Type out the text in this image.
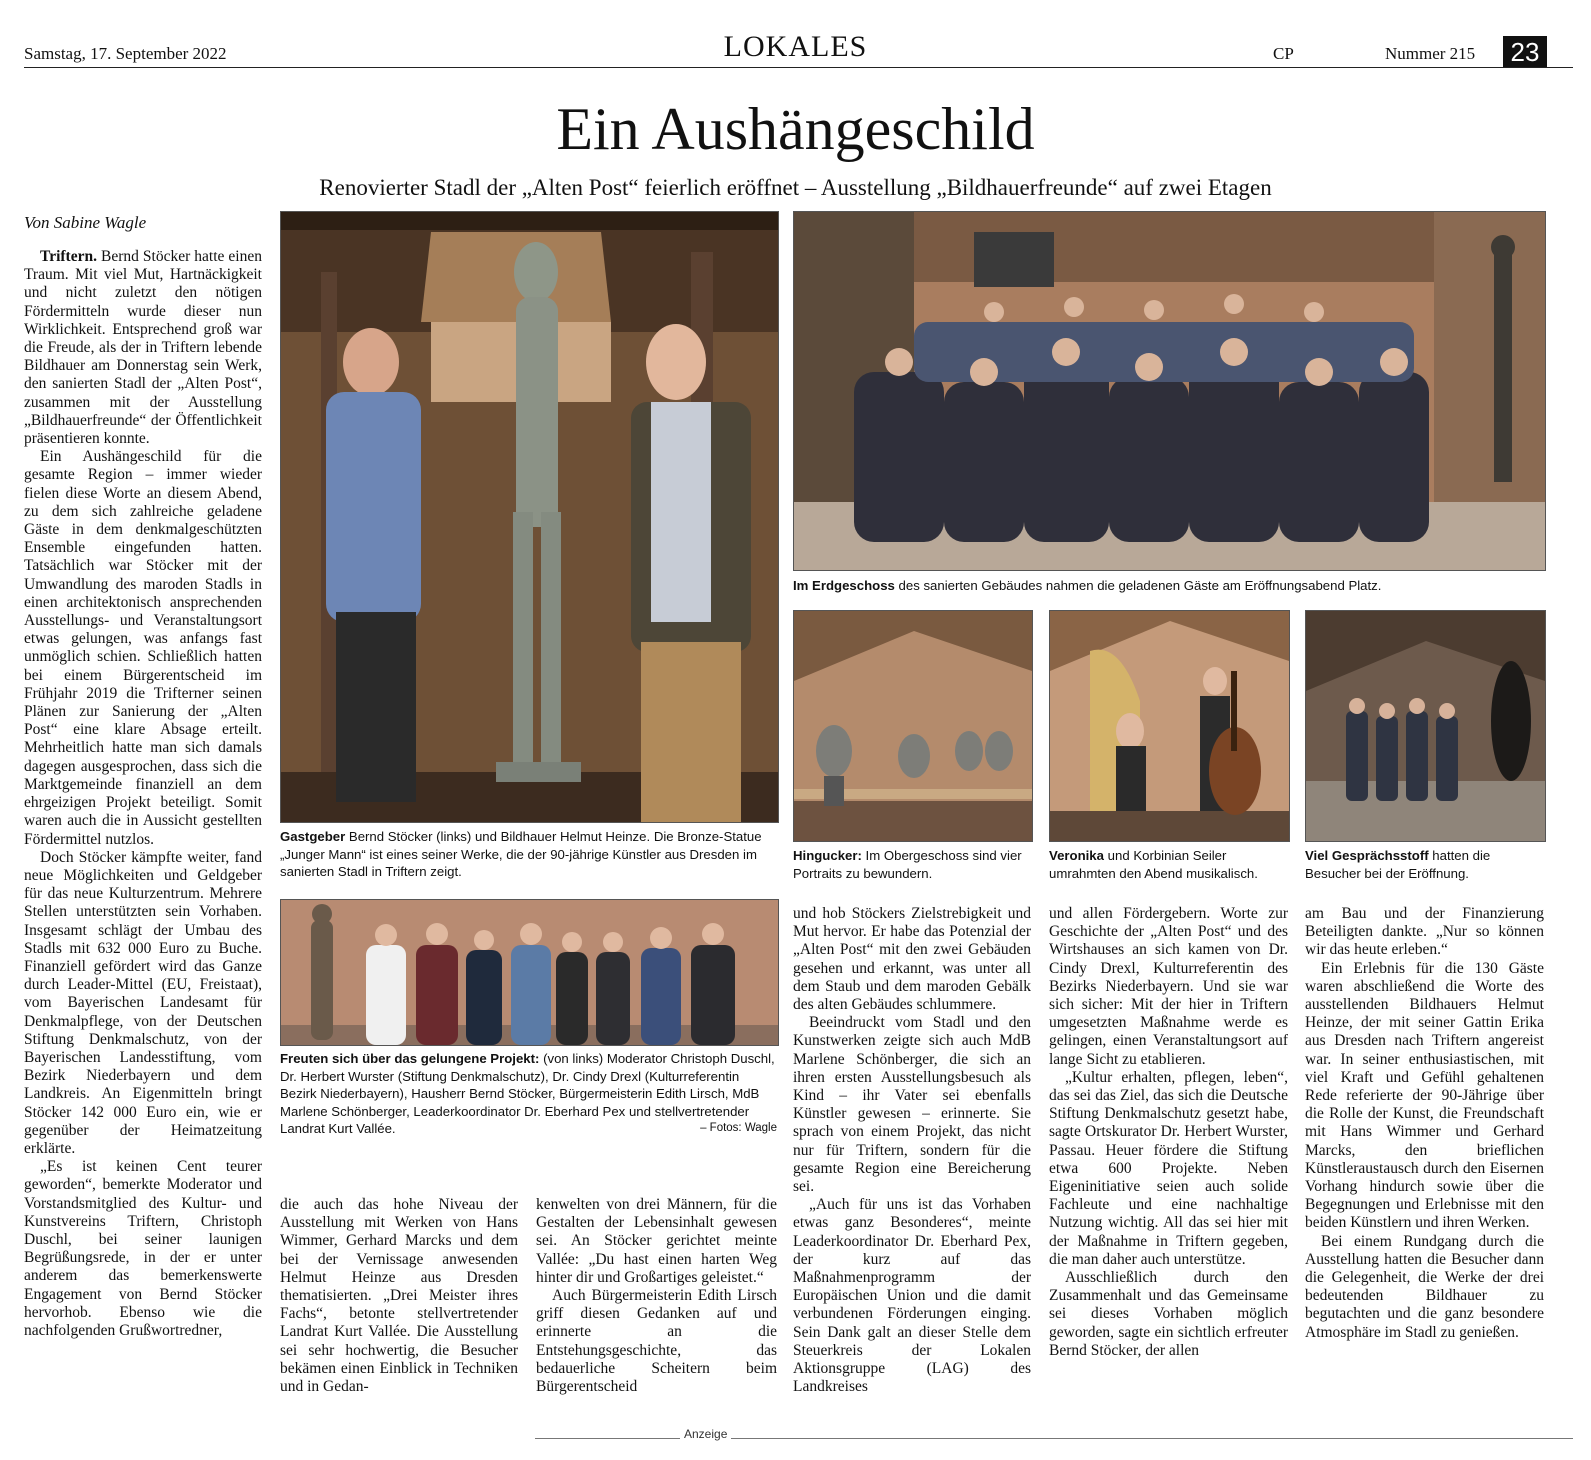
Samstag, 17. September 2022	LOKALES	CP	Nummer 215 23
Ein Aushängeschild
Renovierter Stadl der „Alten Post“ feierlich eröffnet – Ausstellung „Bildhauerfreunde“ auf zwei Etagen
Von Sabine Wagle

Triftern. Bernd Stöcker hatte einen Traum. Mit viel Mut, Hartnäckigkeit und nicht zuletzt den nötigen Fördermitteln wurde dieser nun Wirklichkeit. Entsprechend groß war die Freude, als der in Triftern lebende Bildhauer am Donnerstag sein Werk, den sanierten Stadl der „Alten Post“, zusammen mit der Ausstellung „Bildhauerfreunde“ der Öffentlichkeit präsentieren konnte.

Ein Aushängeschild für die gesamte Region – immer wieder fielen diese Worte an diesem Abend, zu dem sich zahlreiche geladene Gäste in dem denkmalgeschützten Ensemble eingefunden hatten. Tatsächlich war Stöcker mit der Umwandlung des maroden Stadls in einen architektonisch ansprechenden Ausstellungs- und Veranstaltungsort etwas gelungen, was anfangs fast unmöglich schien. Schließlich hatten bei einem Bürgerentscheid im Frühjahr 2019 die Trifterner seinen Plänen zur Sanierung der „Alten Post“ eine klare Absage erteilt. Mehrheitlich hatte man sich damals dagegen ausgesprochen, dass sich die Marktgemeinde finanziell an dem ehrgeizigen Projekt beteiligt. Somit waren auch die in Aussicht gestellten Fördermittel nutzlos.

Doch Stöcker kämpfte weiter, fand neue Möglichkeiten und Geldgeber für das neue Kulturzentrum. Mehrere Stellen unterstützten sein Vorhaben. Insgesamt schlägt der Umbau des Stadls mit 632 000 Euro zu Buche. Finanziell gefördert wird das Ganze durch Leader-Mittel (EU, Freistaat), vom Bayerischen Landesamt für Denkmalpflege, von der Deutschen Stiftung Denkmalschutz, von der Bayerischen Landesstiftung, vom Bezirk Niederbayern und dem Landkreis. An Eigenmitteln bringt Stöcker 142 000 Euro ein, wie er gegenüber der Heimatzeitung erklärte.

„Es ist keinen Cent teurer geworden“, bemerkte Moderator und Vorstandsmitglied des Kultur- und Kunstvereins Triftern, Christoph Duschl, bei seiner launigen Begrüßungsrede, in der er unter anderem das bemerkenswerte Engagement von Bernd Stöcker hervorhob. Ebenso wie die nachfolgenden Grußwortredner,

Gastgeber Bernd Stöcker (links) und Bildhauer Helmut Heinze. Die Bronze-Statue „Junger Mann“ ist eines seiner Werke, die der 90-jährige Künstler aus Dresden im sanierten Stadl in Triftern zeigt.
Im Erdgeschoss des sanierten Gebäudes nahmen die geladenen Gäste am Eröffnungsabend Platz.
Hingucker: Im Obergeschoss sind vier Portraits zu bewundern.
Veronika und Korbinian Seiler umrahmten den Abend musikalisch.
Viel Gesprächsstoff hatten die Besucher bei der Eröffnung.
Freuten sich über das gelungene Projekt: (von links) Moderator Christoph Duschl, Dr. Herbert Wurster (Stiftung Denkmalschutz), Dr. Cindy Drexl (Kulturreferentin Bezirk Niederbayern), Hausherr Bernd Stöcker, Bürgermeisterin Edith Lirsch, MdB Marlene Schönberger, Leaderkoordinator Dr. Eberhard Pex und stellvertretender Landrat Kurt Vallée.	– Fotos: Wagle

die auch das hohe Niveau der Ausstellung mit Werken von Hans Wimmer, Gerhard Marcks und dem bei der Vernissage anwesenden Helmut Heinze aus Dresden thematisierten. „Drei Meister ihres Fachs“, betonte stellvertretender Landrat Kurt Vallée. Die Ausstellung sei sehr hochwertig, die Besucher bekämen einen Einblick in Techniken und in Gedan-

kenwelten von drei Männern, für die Gestalten der Lebensinhalt gewesen sei. An Stöcker gerichtet meinte Vallée: „Du hast einen harten Weg hinter dir und Großartiges geleistet.“

Auch Bürgermeisterin Edith Lirsch griff diesen Gedanken auf und erinnerte an die Entstehungsgeschichte, das bedauerliche Scheitern beim Bürgerentscheid

und hob Stöckers Zielstrebigkeit und Mut hervor. Er habe das Potenzial der „Alten Post“ mit den zwei Gebäuden gesehen und erkannt, was unter all dem Staub und dem maroden Gebälk des alten Gebäudes schlummere.

Beeindruckt vom Stadl und den Kunstwerken zeigte sich auch MdB Marlene Schönberger, die sich an ihren ersten Ausstellungsbesuch als Kind – ihr Vater sei ebenfalls Künstler gewesen – erinnerte. Sie sprach von einem Projekt, das nicht nur für Triftern, sondern für die gesamte Region eine Bereicherung sei.

„Auch für uns ist das Vorhaben etwas ganz Besonderes“, meinte Leaderkoordinator Dr. Eberhard Pex, der kurz auf das Maßnahmenprogramm der Europäischen Union und die damit verbundenen Förderungen einging. Sein Dank galt an dieser Stelle dem Steuerkreis der Lokalen Aktionsgruppe (LAG) des Landkreises

und allen Fördergebern. Worte zur Geschichte der „Alten Post“ und des Wirtshauses an sich kamen von Dr. Cindy Drexl, Kulturreferentin des Bezirks Niederbayern. Und sie war sich sicher: Mit der hier in Triftern umgesetzten Maßnahme werde es gelingen, einen Veranstaltungsort auf lange Sicht zu etablieren.

„Kultur erhalten, pflegen, leben“, das sei das Ziel, das sich die Deutsche Stiftung Denkmalschutz gesetzt habe, sagte Ortskurator Dr. Herbert Wurster, Passau. Heuer fördere die Stiftung etwa 600 Projekte. Neben Eigeninitiative seien auch solide Fachleute und eine nachhaltige Nutzung wichtig. All das sei hier mit der Maßnahme in Triftern gegeben, die man daher auch unterstütze.

Ausschließlich durch den Zusammenhalt und das Gemeinsame sei dieses Vorhaben möglich geworden, sagte ein sichtlich erfreuter Bernd Stöcker, der allen

am Bau und der Finanzierung Beteiligten dankte. „Nur so können wir das heute erleben.“

Ein Erlebnis für die 130 Gäste waren abschließend die Worte des ausstellenden Bildhauers Helmut Heinze, der mit seiner Gattin Erika aus Dresden nach Triftern angereist war. In seiner enthusiastischen, mit viel Kraft und Gefühl gehaltenen Rede referierte der 90-Jährige über die Rolle der Kunst, die Freundschaft mit Hans Wimmer und Gerhard Marcks, den brieflichen Künstleraustausch durch den Eisernen Vorhang hindurch sowie über die Begegnungen und Erlebnisse mit den beiden Künstlern und ihren Werken.

Bei einem Rundgang durch die Ausstellung hatten die Besucher dann die Gelegenheit, die Werke der drei bedeutenden Bildhauer zu begutachten und die ganz besondere Atmosphäre im Stadl zu genießen.

Anzeige
